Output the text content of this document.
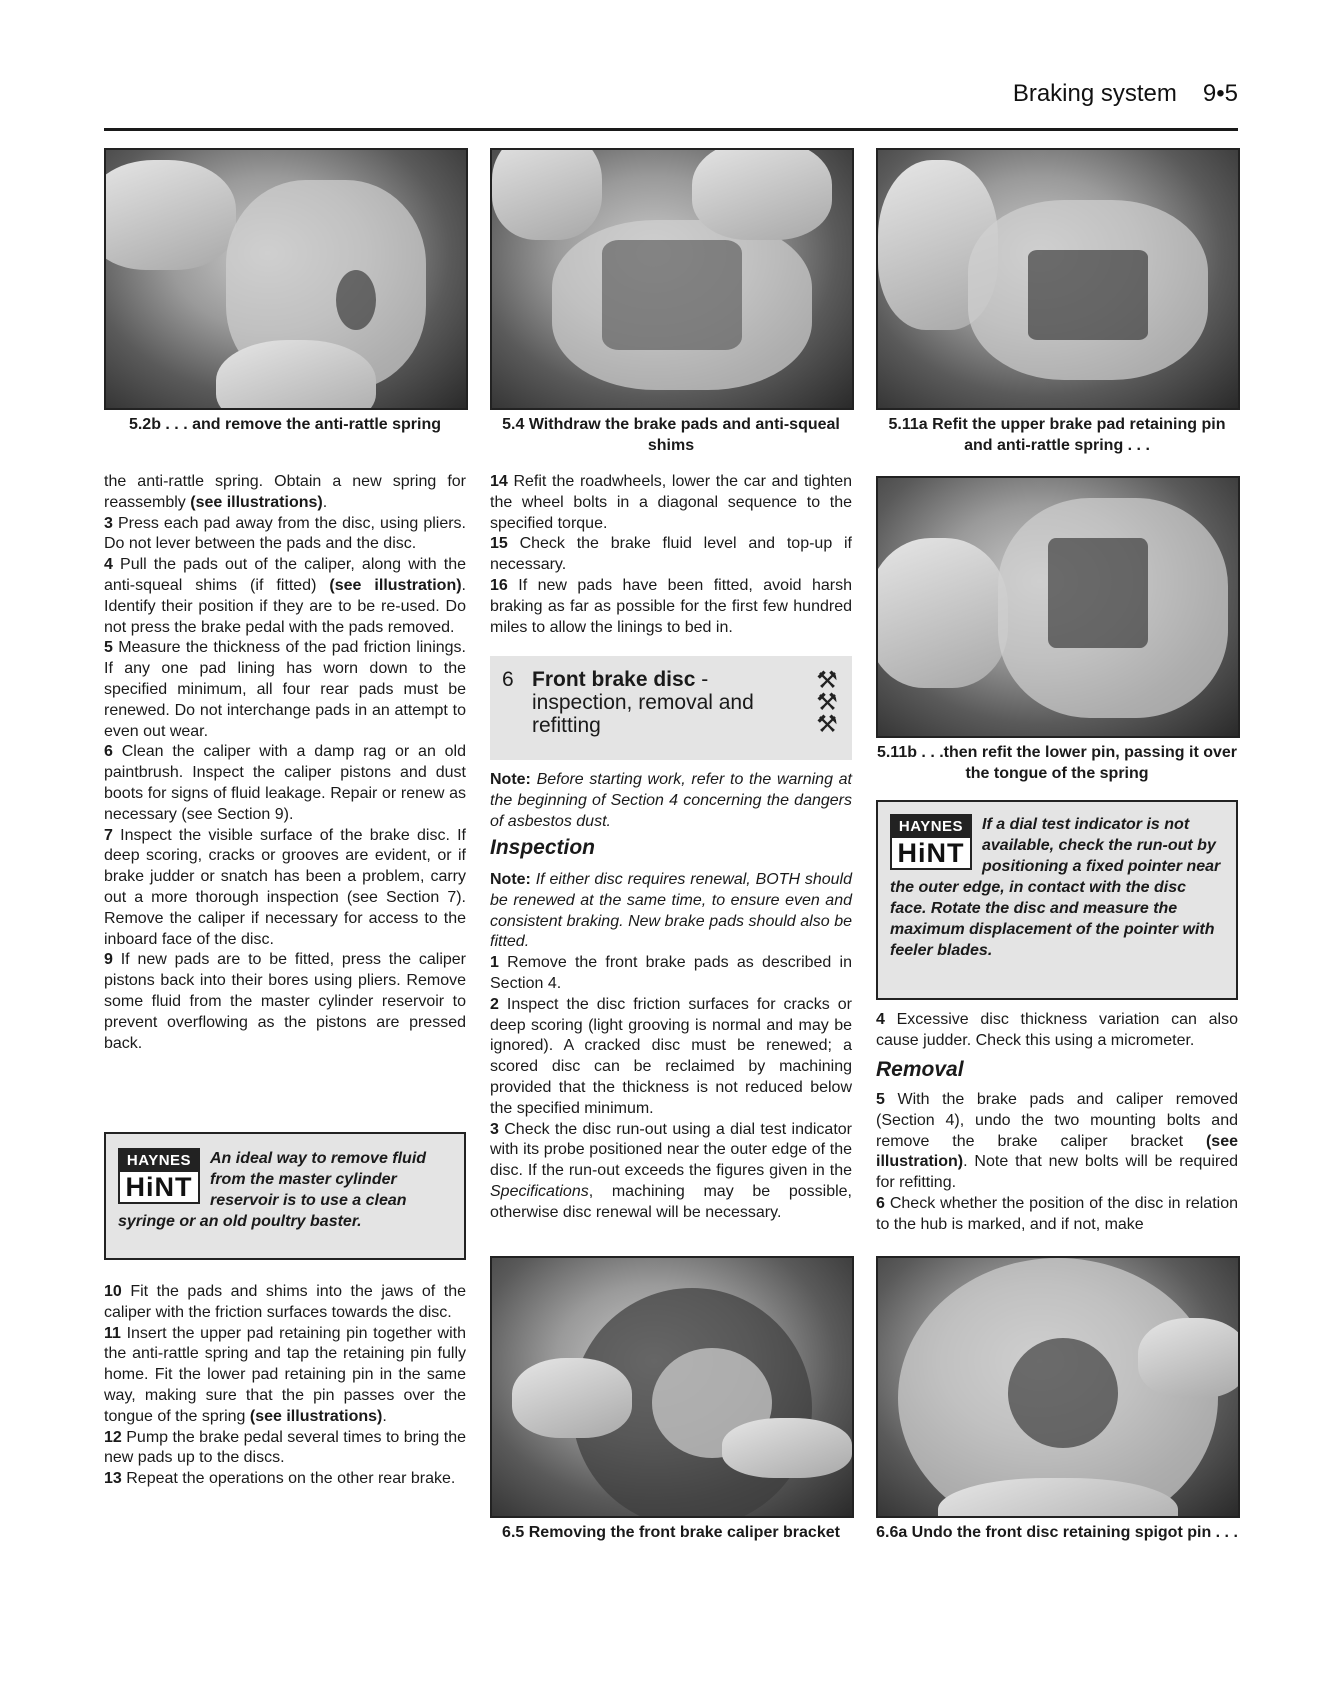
Braking system 9•5
5.2b . . . and remove the anti-rattle spring	5.4 Withdraw the brake pads and anti-squeal shims
5.11a Refit the upper brake pad retaining pin and anti-rattle spring . . .
5.11b . . .then refit the lower pin, passing it over the tongue of the spring

the anti-rattle spring. Obtain a new spring for reassembly (see illustrations).

3 Press each pad away from the disc, using pliers. Do not lever between the pads and the disc.

4 Pull the pads out of the caliper, along with the anti-squeal shims (if fitted) (see illustration). Identify their position if they are to be re-used. Do not press the brake pedal with the pads removed.

5 Measure the thickness of the pad friction linings. If any one pad lining has worn down to the specified minimum, all four rear pads must be renewed. Do not interchange pads in an attempt to even out wear.

6 Clean the caliper with a damp rag or an old paintbrush. Inspect the caliper pistons and dust boots for signs of fluid leakage. Repair or renew as necessary (see Section 9).

7 Inspect the visible surface of the brake disc. If deep scoring, cracks or grooves are evident, or if brake judder or snatch has been a problem, carry out a more thorough inspection (see Section 7). Remove the caliper if necessary for access to the inboard face of the disc.

9 If new pads are to be fitted, press the caliper pistons back into their bores using pliers. Remove some fluid from the master cylinder reservoir to prevent overflowing as the pistons are pressed back.

HAYNES
HiNT
An ideal way to remove fluid from the master cylinder reservoir is to use a clean syringe or an old poultry baster.

10 Fit the pads and shims into the jaws of the caliper with the friction surfaces towards the disc.

11 Insert the upper pad retaining pin together with the anti-rattle spring and tap the retaining pin fully home. Fit the lower pad retaining pin in the same way, making sure that the pin passes over the tongue of the spring (see illustrations).

12 Pump the brake pedal several times to bring the new pads up to the discs.

13 Repeat the operations on the other rear brake.

14 Refit the roadwheels, lower the car and tighten the wheel bolts in a diagonal sequence to the specified torque.

15 Check the brake fluid level and top-up if necessary.

16 If new pads have been fitted, avoid harsh braking as far as possible for the first few hundred miles to allow the linings to bed in.

6 Front brake disc - inspection, removal and refitting
⚒
⚒
⚒

Note: Before starting work, refer to the warning at the beginning of Section 4 concerning the dangers of asbestos dust.

Inspection

Note: If either disc requires renewal, BOTH should be renewed at the same time, to ensure even and consistent braking. New brake pads should also be fitted.

1 Remove the front brake pads as described in Section 4.

2 Inspect the disc friction surfaces for cracks or deep scoring (light grooving is normal and may be ignored). A cracked disc must be renewed; a scored disc can be reclaimed by machining provided that the thickness is not reduced below the specified minimum.

3 Check the disc run-out using a dial test indicator with its probe positioned near the outer edge of the disc. If the run-out exceeds the figures given in the Specifications, machining may be possible, otherwise disc renewal will be necessary.

HAYNES
HiNT
If a dial test indicator is not available, check the run-out by positioning a fixed pointer near the outer edge, in contact with the disc face. Rotate the disc and measure the maximum displacement of the pointer with feeler blades.

4 Excessive disc thickness variation can also cause judder. Check this using a micrometer.

Removal

5 With the brake pads and caliper removed (Section 4), undo the two mounting bolts and remove the brake caliper bracket (see illustration). Note that new bolts will be required for refitting.

6 Check whether the position of the disc in relation to the hub is marked, and if not, make

6.5 Removing the front brake caliper bracket	6.6a Undo the front disc retaining spigot pin . . .
